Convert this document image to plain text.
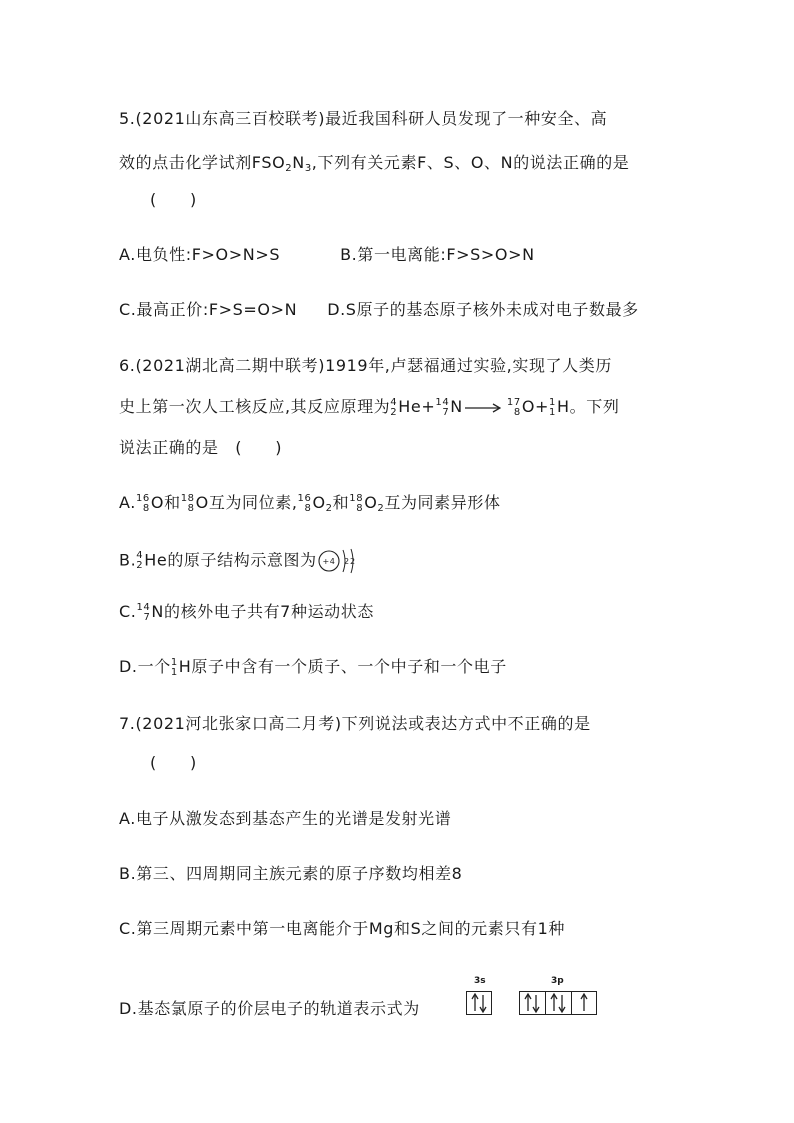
5.(2021山东高三百校联考)最近我国科研人员发现了一种安全、高
效的点击化学试剂$FSO_2N_3$,下列有关元素F、S、O、N的说法正确的是
(　　)
A.电负性:F>O>N>S	B.第一电离能:F>S>O>N
C.最高正价:F>S=O>N D.S原子的基态原子核外未成对电子数最多
6.(2021湖北高二期中联考)1919年,卢瑟福通过实验,实现了人类历
史上第一次人工核反应,其反应原理为 4
2 He+ 14
7 N → 17
8 O+ 1
1 H。下列
说法正确的是　(　　)
A. 16
8 O和 18
8 O互为同位素, 16
8 $O_2$和 18
8 $O_2$互为同素异形体
B. 4
2 He的原子结构示意图为 +4 2 2
C. 14
7 N的核外电子共有7种运动状态
D.一个 1
1 H原子中含有一个质子、一个中子和一个电子
7.(2021河北张家口高二月考)下列说法或表达方式中不正确的是
(　　)
A.电子从激发态到基态产生的光谱是发射光谱
B.第三、四周期同主族元素的原子序数均相差8
C.第三周期元素中第一电离能介于Mg和S之间的元素只有1种
D.基态氯原子的价层电子的轨道表示式为
3s	3p
